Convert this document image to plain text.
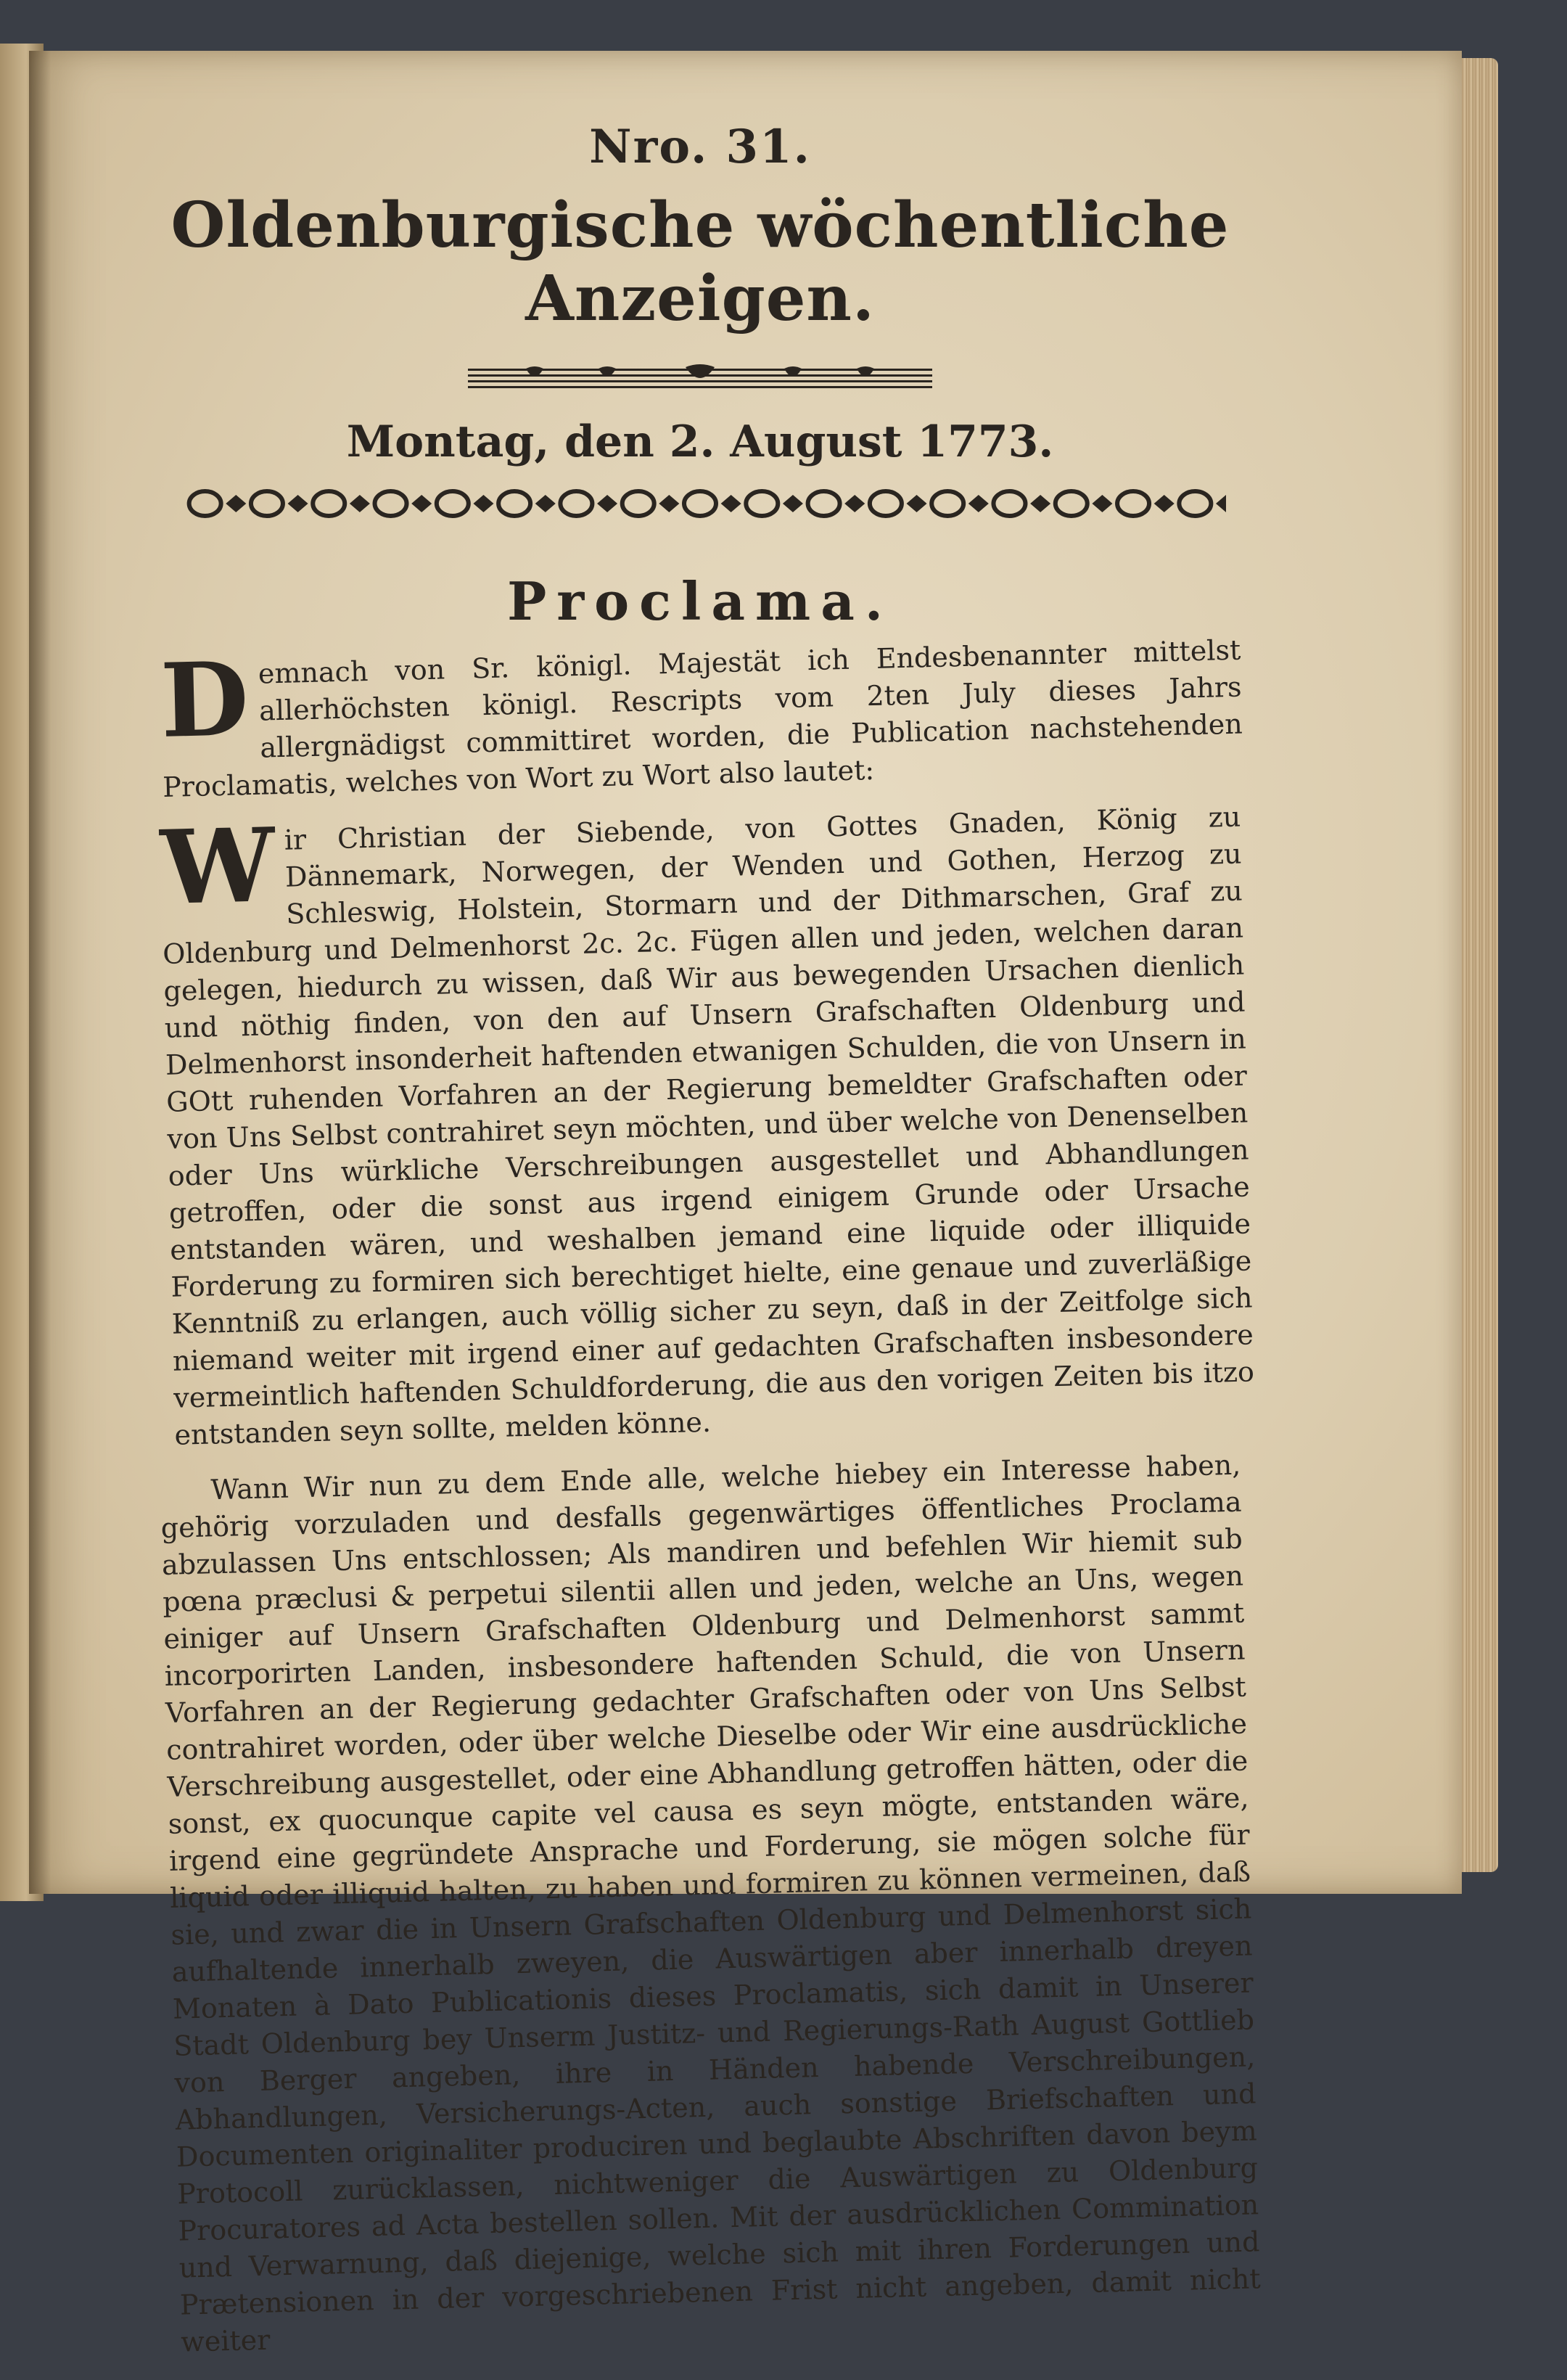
Nro. 31.
Oldenburgische wöchentliche Anzeigen.
Montag, den 2. August 1773.
Proclama.

D emnach von Sr. königl. Majestät ich Endesbenannter mittelst allerhöchsten königl. Rescripts vom 2ten July dieses Jahrs allergnädigst committiret worden, die Publication nachstehenden Proclamatis, welches von Wort zu Wort also lautet:

W ir Christian der Siebende, von Gottes Gnaden, König zu Dännemark, Norwegen, der Wenden und Gothen, Herzog zu Schleswig, Holstein, Stormarn und der Dithmarschen, Graf zu Oldenburg und Delmenhorst 2c. 2c. Fügen allen und jeden, welchen daran gelegen, hiedurch zu wissen, daß Wir aus bewegenden Ursachen dienlich und nöthig finden, von den auf Unsern Grafschaften Oldenburg und Delmenhorst insonderheit haftenden etwanigen Schulden, die von Unsern in GOtt ruhenden Vorfahren an der Regierung bemeldter Grafschaften oder von Uns Selbst contrahiret seyn möchten, und über welche von Denenselben oder Uns würkliche Verschreibungen ausgestellet und Abhandlungen getroffen, oder die sonst aus irgend einigem Grunde oder Ursache entstanden wären, und weshalben jemand eine liquide oder illiquide Forderung zu formiren sich berechtiget hielte, eine genaue und zuverläßige Kenntniß zu erlangen, auch völlig sicher zu seyn, daß in der Zeitfolge sich niemand weiter mit irgend einer auf gedachten Grafschaften insbesondere vermeintlich haftenden Schuldforderung, die aus den vorigen Zeiten bis itzo entstanden seyn sollte, melden könne.

Wann Wir nun zu dem Ende alle, welche hiebey ein Interesse haben, gehörig vorzuladen und desfalls gegenwärtiges öffentliches Proclama abzulassen Uns entschlossen; Als mandiren und befehlen Wir hiemit sub pœna præclusi & perpetui silentii allen und jeden, welche an Uns, wegen einiger auf Unsern Grafschaften Oldenburg und Delmenhorst sammt incorporirten Landen, insbesondere haftenden Schuld, die von Unsern Vorfahren an der Regierung gedachter Grafschaften oder von Uns Selbst contrahiret worden, oder über welche Dieselbe oder Wir eine ausdrückliche Verschreibung ausgestellet, oder eine Abhandlung getroffen hätten, oder die sonst, ex quocunque capite vel causa es seyn mögte, entstanden wäre, irgend eine gegründete Ansprache und Forderung, sie mögen solche für liquid oder illiquid halten, zu haben und formiren zu können vermeinen, daß sie, und zwar die in Unsern Grafschaften Oldenburg und Delmenhorst sich aufhaltende innerhalb zweyen, die Auswärtigen aber innerhalb dreyen Monaten à Dato Publicationis dieses Proclamatis, sich damit in Unserer Stadt Oldenburg bey Unserm Justitz- und Regierungs-Rath August Gottlieb von Berger angeben, ihre in Händen habende Verschreibungen, Abhandlungen, Versicherungs-Acten, auch sonstige Briefschaften und Documenten originaliter produciren und beglaubte Abschriften davon beym Protocoll zurücklassen, nichtweniger die Auswärtigen zu Oldenburg Procuratores ad Acta bestellen sollen. Mit der ausdrücklichen Commination und Verwarnung, daß diejenige, welche sich mit ihren Forderungen und Prætensionen in der vorgeschriebenen Frist nicht angeben, damit nicht weiter
